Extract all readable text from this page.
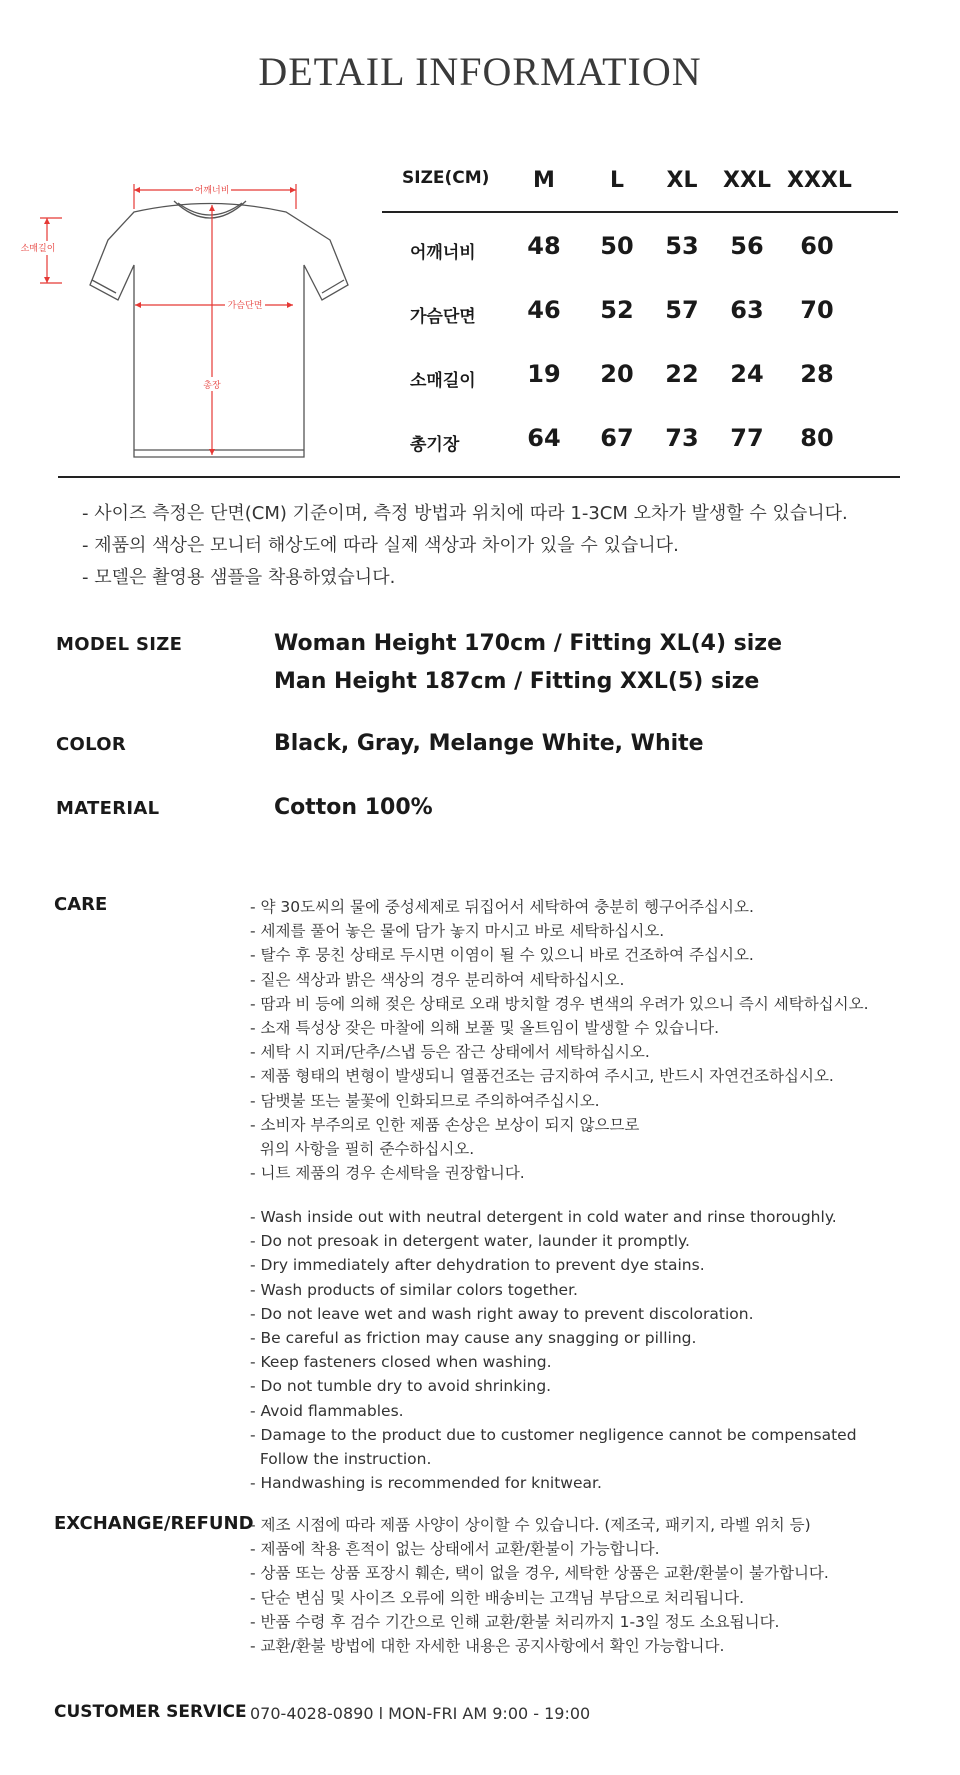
DETAIL INFORMATION
어깨너비
가슴단면
총장
소매길이
SIZE(CM)	M	L	XL	XXL XXXL
어깨너비	48	50	53	56	60
가슴단면	46	52	57	63	70
소매길이	19	20	22	24	28
총기장	64	67	73	77	80
- 사이즈 측정은 단면(CM) 기준이며, 측정 방법과 위치에 따라 1-3CM 오차가 발생할 수 있습니다.
- 제품의 색상은 모니터 해상도에 따라 실제 색상과 차이가 있을 수 있습니다.
- 모델은 촬영용 샘플을 착용하였습니다.
MODEL SIZE	Woman Height 170cm / Fitting XL(4) size
Man Height 187cm / Fitting XXL(5) size
COLOR	Black, Gray, Melange White, White
MATERIAL	Cotton 100%
CARE	- 약 30도씨의 물에 중성세제로 뒤집어서 세탁하여 충분히 헹구어주십시오.
- 세제를 풀어 놓은 물에 담가 놓지 마시고 바로 세탁하십시오.
- 탈수 후 뭉친 상태로 두시면 이염이 될 수 있으니 바로 건조하여 주십시오.
- 짙은 색상과 밝은 색상의 경우 분리하여 세탁하십시오.
- 땀과 비 등에 의해 젖은 상태로 오래 방치할 경우 변색의 우려가 있으니 즉시 세탁하십시오.
- 소재 특성상 잦은 마찰에 의해 보풀 및 올트임이 발생할 수 있습니다.
- 세탁 시 지퍼/단추/스냅 등은 잠근 상태에서 세탁하십시오.
- 제품 형태의 변형이 발생되니 열품건조는 금지하여 주시고, 반드시 자연건조하십시오.
- 담뱃불 또는 불꽃에 인화되므로 주의하여주십시오.
- 소비자 부주의로 인한 제품 손상은 보상이 되지 않으므로
위의 사항을 필히 준수하십시오.
- 니트 제품의 경우 손세탁을 권장합니다.
- Wash inside out with neutral detergent in cold water and rinse thoroughly.
- Do not presoak in detergent water, launder it promptly.
- Dry immediately after dehydration to prevent dye stains.
- Wash products of similar colors together.
- Do not leave wet and wash right away to prevent discoloration.
- Be careful as friction may cause any snagging or pilling.
- Keep fasteners closed when washing.
- Do not tumble dry to avoid shrinking.
- Avoid flammables.
- Damage to the product due to customer negligence cannot be compensated
Follow the instruction.
- Handwashing is recommended for knitwear.
EXCHANGE/REFUND
- 제조 시점에 따라 제품 사양이 상이할 수 있습니다. (제조국, 패키지, 라벨 위치 등)
- 제품에 착용 흔적이 없는 상태에서 교환/환불이 가능합니다.
- 상품 또는 상품 포장시 훼손, 택이 없을 경우, 세탁한 상품은 교환/환불이 불가합니다.
- 단순 변심 및 사이즈 오류에 의한 배송비는 고객님 부담으로 처리됩니다.
- 반품 수령 후 검수 기간으로 인해 교환/환불 처리까지 1-3일 정도 소요됩니다.
- 교환/환불 방법에 대한 자세한 내용은 공지사항에서 확인 가능합니다.
CUSTOMER SERVICE 070-4028-0890 l MON-FRI AM 9:00 - 19:00
